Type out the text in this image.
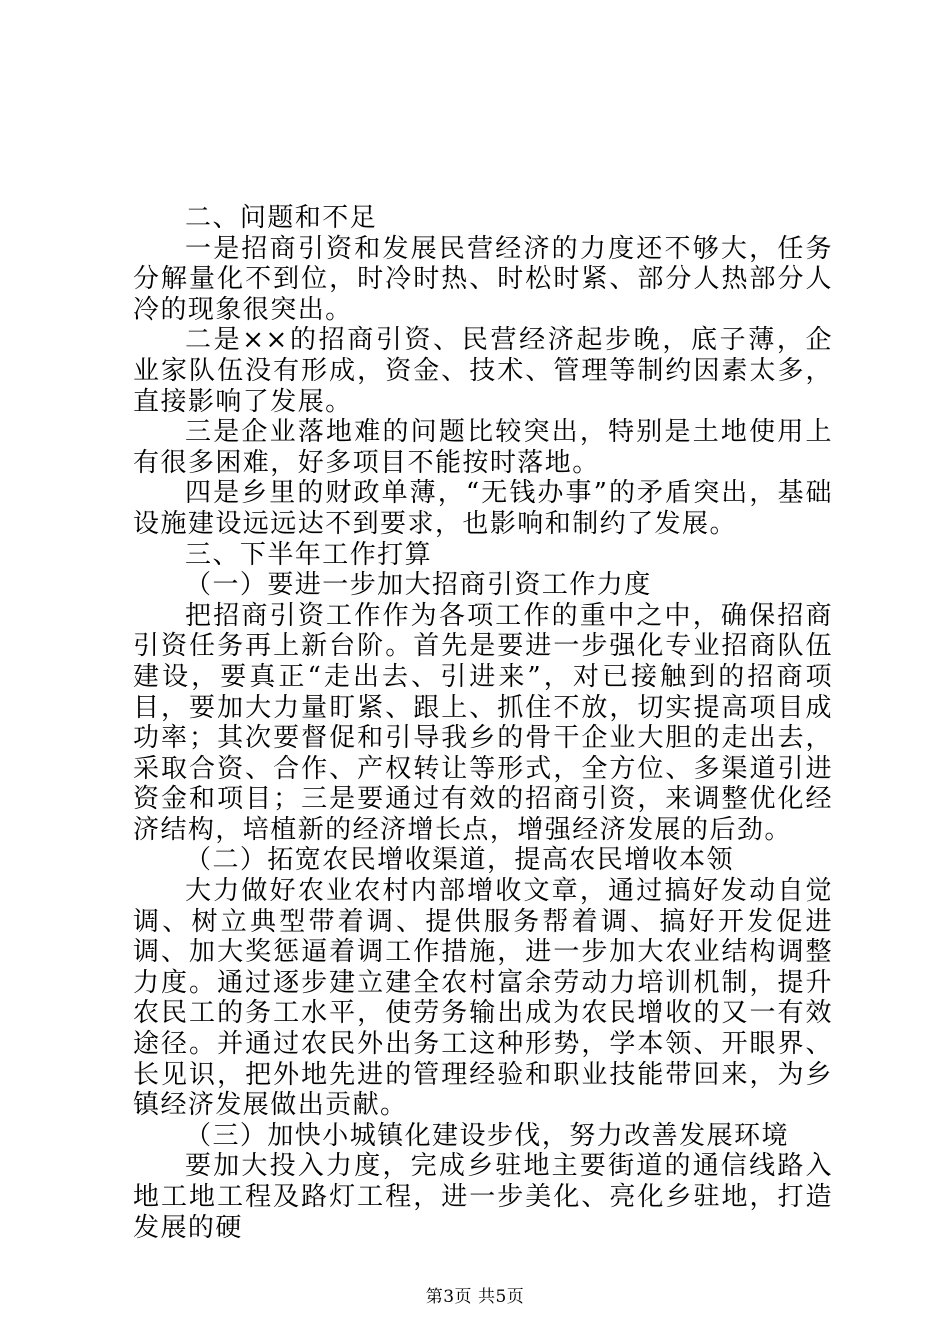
二、问题和不足

一是招商引资和发展民营经济的力度还不够大，任务分解量化不到位，时冷时热、时松时紧、部分人热部分人冷的现象很突出。

二是××的招商引资、民营经济起步晚，底子薄，企业家队伍没有形成，资金、技术、管理等制约因素太多，直接影响了发展。

三是企业落地难的问题比较突出，特别是土地使用上有很多困难，好多项目不能按时落地。

四是乡里的财政单薄，“无钱办事”的矛盾突出，基础设施建设远远达不到要求，也影响和制约了发展。

三、下半年工作打算

（一）要进一步加大招商引资工作力度

把招商引资工作作为各项工作的重中之中，确保招商引资任务再上新台阶。首先是要进一步强化专业招商队伍建设，要真正“走出去、引进来”，对已接触到的招商项目，要加大力量盯紧、跟上、抓住不放，切实提高项目成功率；其次要督促和引导我乡的骨干企业大胆的走出去，采取合资、合作、产权转让等形式，全方位、多渠道引进资金和项目；三是要通过有效的招商引资，来调整优化经济结构，培植新的经济增长点，增强经济发展的后劲。

（二）拓宽农民增收渠道，提高农民增收本领

大力做好农业农村内部增收文章，通过搞好发动自觉调、树立典型带着调、提供服务帮着调、搞好开发促进调、加大奖惩逼着调工作措施，进一步加大农业结构调整力度。通过逐步建立建全农村富余劳动力培训机制，提升农民工的务工水平，使劳务输出成为农民增收的又一有效途径。并通过农民外出务工这种形势，学本领、开眼界、长见识，把外地先进的管理经验和职业技能带回来，为乡镇经济发展做出贡献。

（三）加快小城镇化建设步伐，努力改善发展环境

要加大投入力度，完成乡驻地主要街道的通信线路入地工地工程及路灯工程，进一步美化、亮化乡驻地，打造发展的硬

第3页 共5页
